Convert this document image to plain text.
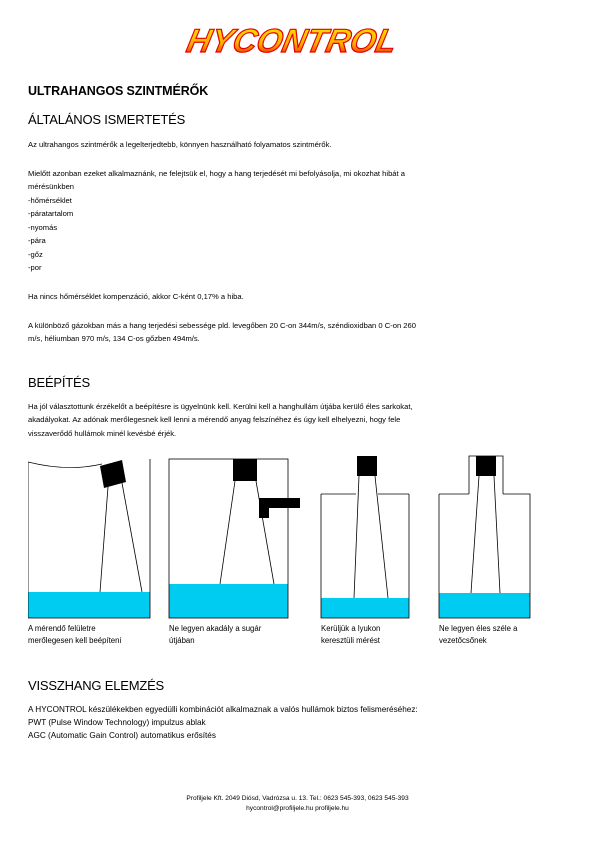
HYCONTROL
ULTRAHANGOS SZINTMÉRŐK
ÁLTALÁNOS ISMERTETÉS
Az ultrahangos szintmérők a legelterjedtebb, könnyen használható folyamatos szintmérők.
Mielőtt azonban ezeket alkalmaznánk, ne felejtsük el, hogy a hang terjedését mi befolyásolja, mi okozhat hibát a
mérésünkben
-hőmérséklet
-páratartalom
-nyomás
-pára
-gőz
-por
Ha nincs hőmérséklet kompenzáció, akkor C-ként 0,17% a hiba.
A különböző gázokban más a hang terjedési sebessége pld. levegőben 20 C-on 344m/s, széndioxidban 0 C-on 260
m/s, héliumban 970 m/s, 134 C-os gőzben 494m/s.
BEÉPÍTÉS
Ha jól választottunk érzékelőt a beépítésre is ügyelnünk kell. Kerülni kell a hanghullám útjába kerülő éles sarkokat,
akadályokat. Az adónak merőlegesnek kell lenni a mérendő anyag felszínéhez és úgy kell elhelyezni, hogy fele
visszaverődő hullámok minél kevésbé érjék.
A mérendő felületre
merőlegesen kell beépíteni
Ne legyen akadály a sugár
útjában
Kerüljük a lyukon
keresztüli mérést
Ne legyen éles széle a
vezetőcsőnek
VISSZHANG ELEMZÉS
A HYCONTROL készülékekben egyedülli kombinációt alkalmaznak a valós hullámok biztos felismeréséhez:
PWT (Pulse Window Technology) impulzus ablak
AGC (Automatic Gain Control) automatikus erősítés
Profiljele Kft. 2049 Diósd, Vadrózsa u. 13. Tel.: 0623 545-393, 0623 545-393
hycontrol@profiljele.hu profiljele.hu
